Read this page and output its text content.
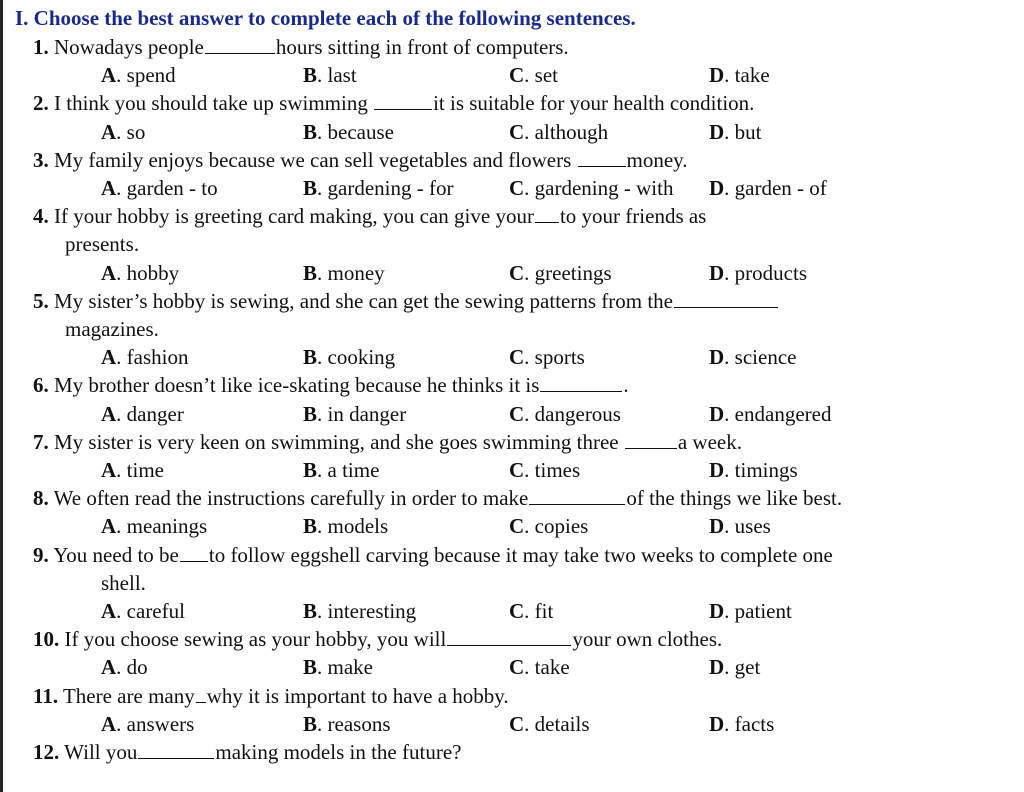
I. Choose the best answer to complete each of the following sentences.
1. Nowadays people	hours sitting in front of computers.
A. spend	B. last	C. set	D. take
2. I think you should take up swimming	it is suitable for your health condition.
A. so	B. because	C. although	D. but
3. My family enjoys because we can sell vegetables and flowers money.
A. garden - to	B. gardening - for	C. gardening - with D. garden - of
4. If your hobby is greeting card making, you can give your to your friends as
presents.
A. hobby	B. money	C. greetings	D. products
5. My sister’s hobby is sewing, and she can get the sewing patterns from the
magazines.
A. fashion	B. cooking	C. sports	D. science
6. My brother doesn’t like ice-skating because he thinks it is	.
A. danger	B. in danger	C. dangerous	D. endangered
7. My sister is very keen on swimming, and she goes swimming three	a week.
A. time	B. a time	C. times	D. timings
8. We often read the instructions carefully in order to make	of the things we like best.
A. meanings	B. models	C. copies	D. uses
9. You need to be to follow eggshell carving because it may take two weeks to complete one
shell.
A. careful	B. interesting	C. fit	D. patient
10. If you choose sewing as your hobby, you will	your own clothes.
A. do	B. make	C. take	D. get
11. There are many why it is important to have a hobby.
A. answers	B. reasons	C. details	D. facts
12. Will you	making models in the future?
